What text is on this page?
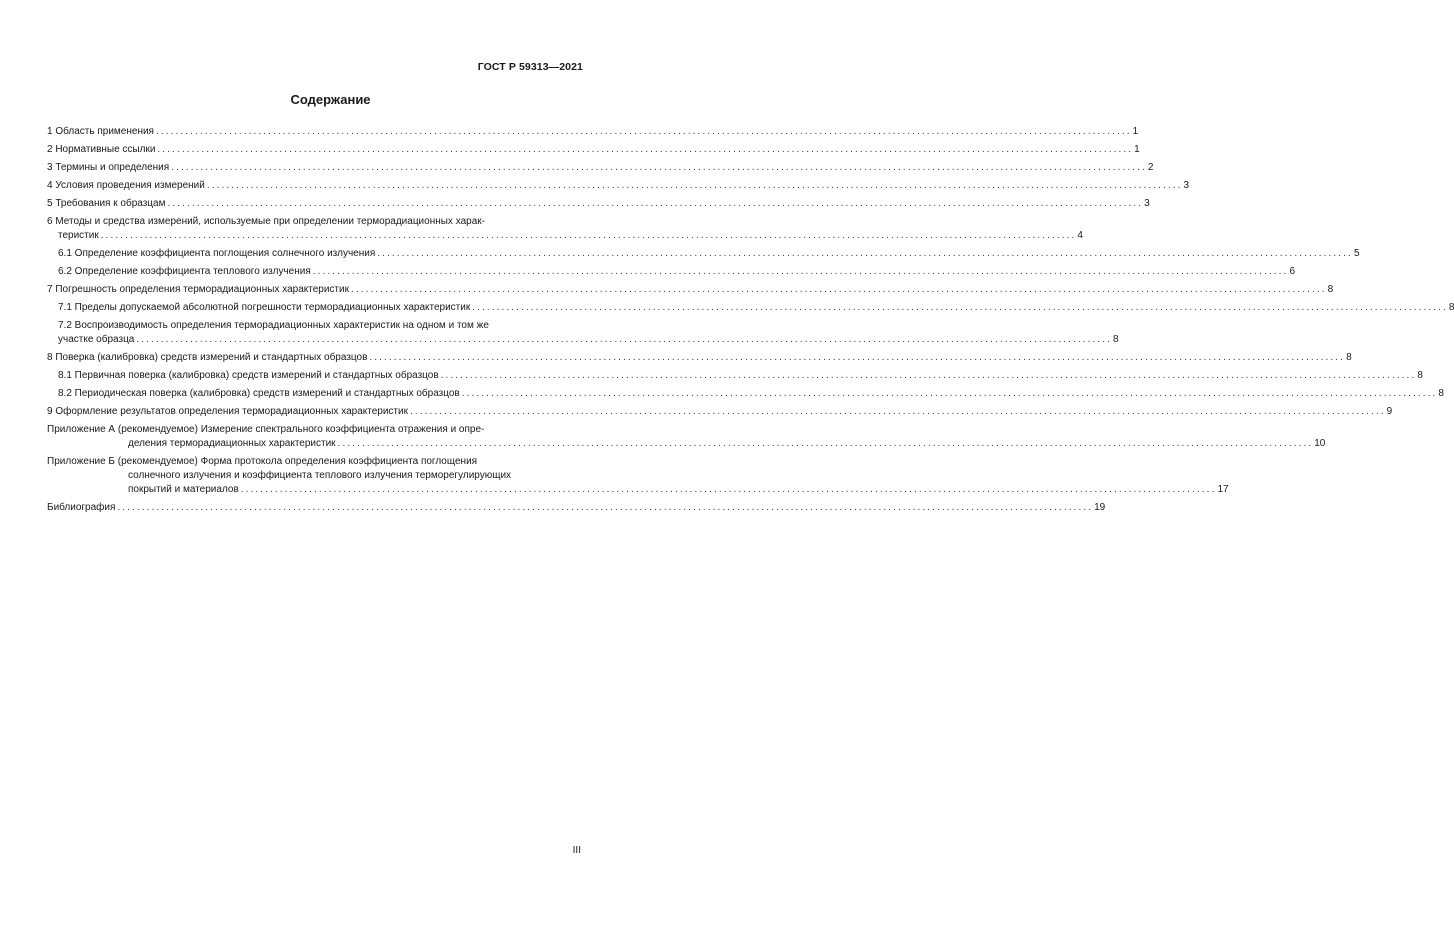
ГОСТ Р 59313—2021
Содержание
1 Область применения ........................................................................................................................................................................................................ 1
2 Нормативные ссылки ........................................................................................................................................................................................................ 1
3 Термины и определения ........................................................................................................................................................................................................ 2
4 Условия проведения измерений ........................................................................................................................................................................................................ 3
5 Требования к образцам ........................................................................................................................................................................................................ 3
6 Методы и средства измерений, используемые при определении терморадиационных харак-
теристик ........................................................................................................................................................................................................ 4
6.1 Определение коэффициента поглощения солнечного излучения ........................................................................................................................................................................................................ 5
6.2 Определение коэффициента теплового излучения ........................................................................................................................................................................................................ 6
7 Погрешность определения терморадиационных характеристик ........................................................................................................................................................................................................ 8
7.1 Пределы допускаемой абсолютной погрешности терморадиационных характеристик ........................................................................................................................................................................................................ 8
7.2 Воспроизводимость определения терморадиационных характеристик на одном и том же
участке образца ........................................................................................................................................................................................................ 8
8 Поверка (калибровка) средств измерений и стандартных образцов ........................................................................................................................................................................................................ 8
8.1 Первичная поверка (калибровка) средств измерений и стандартных образцов ........................................................................................................................................................................................................ 8
8.2 Периодическая поверка (калибровка) средств измерений и стандартных образцов ........................................................................................................................................................................................................ 8
9 Оформление результатов определения терморадиационных характеристик ........................................................................................................................................................................................................ 9
Приложение А (рекомендуемое) Измерение спектрального коэффициента отражения и опре-
деления терморадиационных характеристик ........................................................................................................................................................................................................ 10
Приложение Б (рекомендуемое) Форма протокола определения коэффициента поглощения
солнечного излучения и коэффициента теплового излучения терморегулирующих
покрытий и материалов ........................................................................................................................................................................................................ 17
Библиография ........................................................................................................................................................................................................ 19
III
